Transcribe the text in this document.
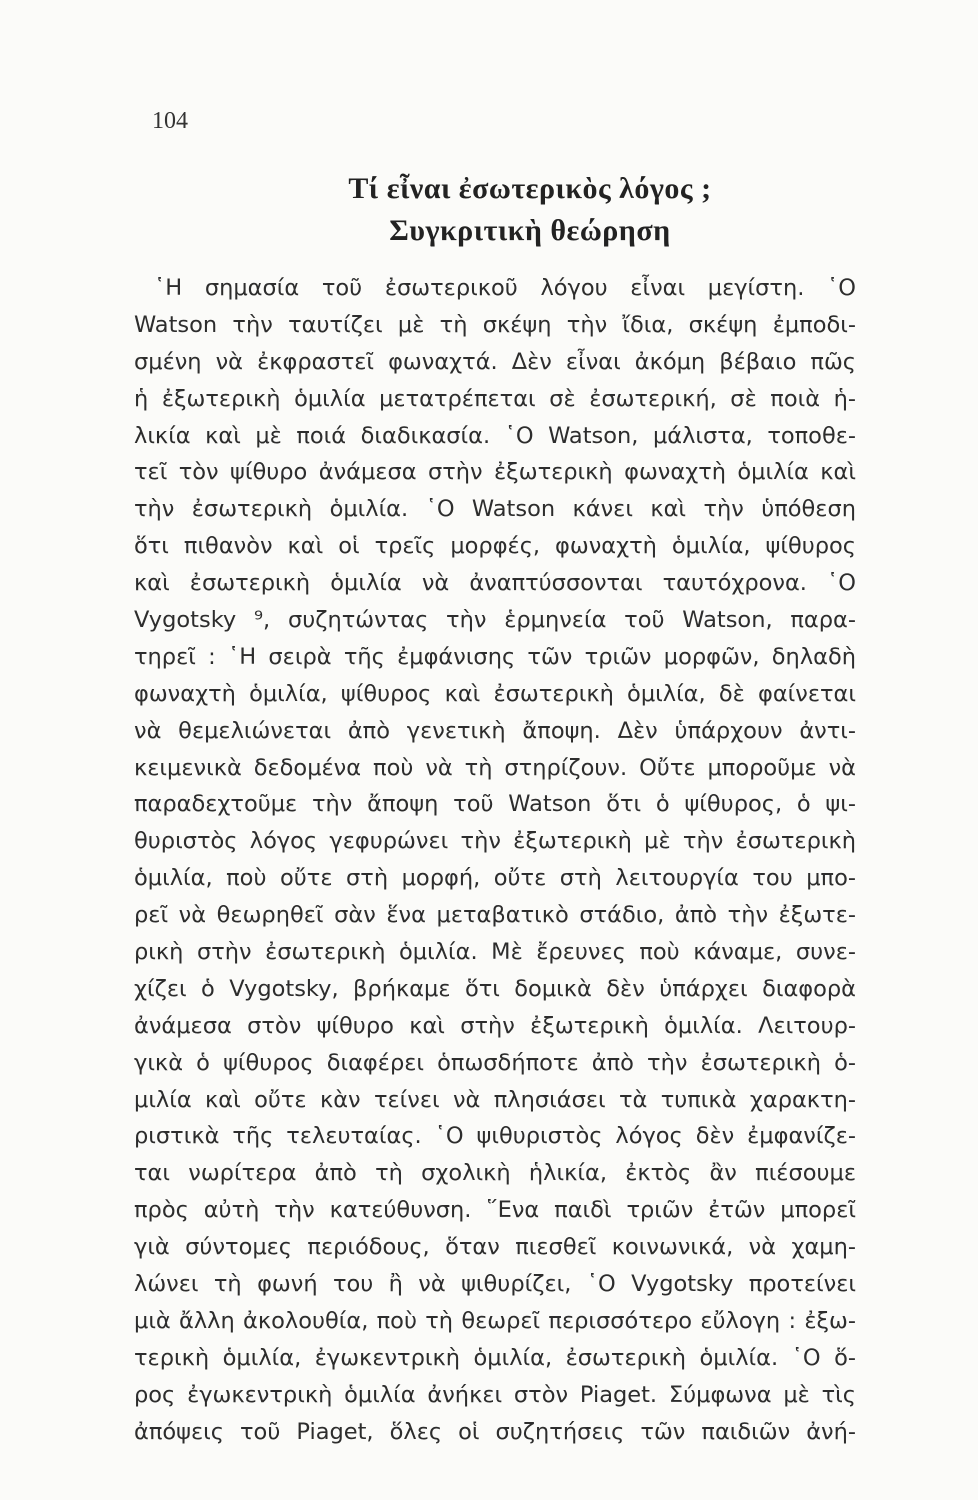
104
Τί εἶναι ἐσωτερικὸς λόγος ;
Συγκριτικὴ θεώρηση
῾Η σημασία τοῦ ἐσωτερικοῦ λόγου εἶναι μεγίστη. ῾Ο
Watson τὴν ταυτίζει μὲ τὴ σκέψη τὴν ἴδια, σκέψη ἐμποδι-
σμένη νὰ ἐκφραστεῖ φωναχτά. Δὲν εἶναι ἀκόμη βέβαιο πῶς
ἡ ἐξωτερικὴ ὁμιλία μετατρέπεται σὲ ἐσωτερική, σὲ ποιὰ ἡ-
λικία καὶ μὲ ποιά διαδικασία. ῾Ο Watson, μάλιστα, τοποθε-
τεῖ τὸν ψίθυρο ἀνάμεσα στὴν ἐξωτερικὴ φωναχτὴ ὁμιλία καὶ
τὴν ἐσωτερικὴ ὁμιλία. ῾Ο Watson κάνει καὶ τὴν ὑπόθεση
ὅτι πιθανὸν καὶ οἱ τρεῖς μορφές, φωναχτὴ ὁμιλία, ψίθυρος
καὶ ἐσωτερικὴ ὁμιλία νὰ ἀναπτύσσονται ταυτόχρονα. ῾Ο
Vygotsky ⁹, συζητώντας τὴν ἑρμηνεία τοῦ Watson, παρα-
τηρεῖ : ῾Η σειρὰ τῆς ἐμφάνισης τῶν τριῶν μορφῶν, δηλαδὴ
φωναχτὴ ὁμιλία, ψίθυρος καὶ ἐσωτερικὴ ὁμιλία, δὲ φαίνεται
νὰ θεμελιώνεται ἀπὸ γενετικὴ ἄποψη. Δὲν ὑπάρχουν ἀντι-
κειμενικὰ δεδομένα ποὺ νὰ τὴ στηρίζουν. Οὔτε μποροῦμε νὰ
παραδεχτοῦμε τὴν ἄποψη τοῦ Watson ὅτι ὁ ψίθυρος, ὁ ψι-
θυριστὸς λόγος γεφυρώνει τὴν ἐξωτερικὴ μὲ τὴν ἐσωτερικὴ
ὁμιλία, ποὺ οὔτε στὴ μορφή, οὔτε στὴ λειτουργία του μπο-
ρεῖ νὰ θεωρηθεῖ σὰν ἕνα μεταβατικὸ στάδιο, ἀπὸ τὴν ἐξωτε-
ρικὴ στὴν ἐσωτερικὴ ὁμιλία. Μὲ ἔρευνες ποὺ κάναμε, συνε-
χίζει ὁ Vygotsky, βρήκαμε ὅτι δομικὰ δὲν ὑπάρχει διαφορὰ
ἀνάμεσα στὸν ψίθυρο καὶ στὴν ἐξωτερικὴ ὁμιλία. Λειτουρ-
γικὰ ὁ ψίθυρος διαφέρει ὁπωσδήποτε ἀπὸ τὴν ἐσωτερικὴ ὁ-
μιλία καὶ οὔτε κὰν τείνει νὰ πλησιάσει τὰ τυπικὰ χαρακτη-
ριστικὰ τῆς τελευταίας. ῾Ο ψιθυριστὸς λόγος δὲν ἐμφανίζε-
ται νωρίτερα ἀπὸ τὴ σχολικὴ ἡλικία, ἐκτὸς ἂν πιέσουμε
πρὸς αὐτὴ τὴν κατεύθυνση. ῞Ενα παιδὶ τριῶν ἐτῶν μπορεῖ
γιὰ σύντομες περιόδους, ὅταν πιεσθεῖ κοινωνικά, νὰ χαμη-
λώνει τὴ φωνή του ἢ νὰ ψιθυρίζει, ῾Ο Vygotsky προτείνει
μιὰ ἄλλη ἀκολουθία, ποὺ τὴ θεωρεῖ περισσότερο εὔλογη : ἐξω-
τερικὴ ὁμιλία, ἐγωκεντρικὴ ὁμιλία, ἐσωτερικὴ ὁμιλία. ῾Ο ὅ-
ρος ἐγωκεντρικὴ ὁμιλία ἀνήκει στὸν Piaget. Σύμφωνα μὲ τὶς
ἀπόψεις τοῦ Piaget, ὅλες οἱ συζητήσεις τῶν παιδιῶν ἀνή-
